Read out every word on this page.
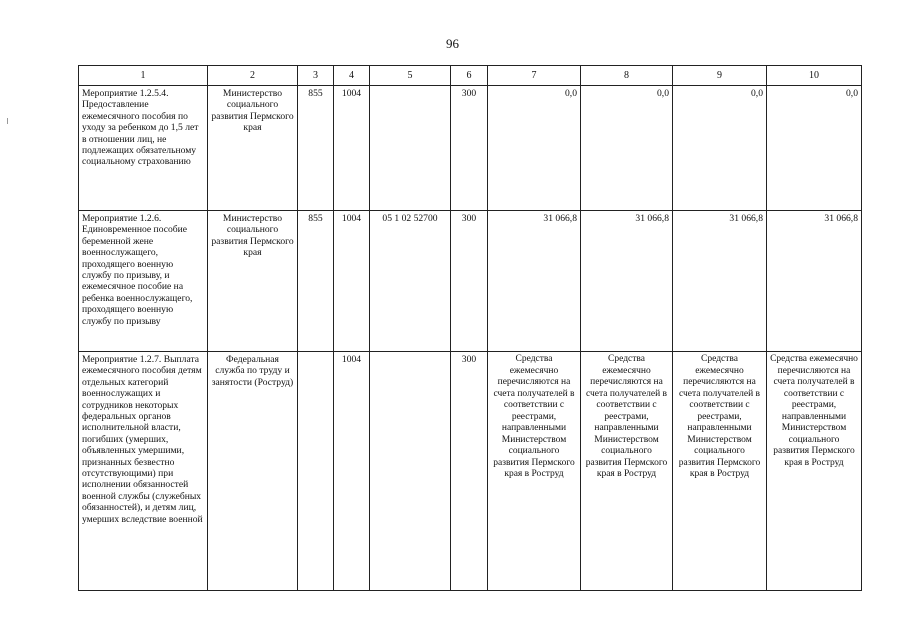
96
1	2	3	4	5	6	7	8	9	10
Мероприятие 1.2.5.4. Предоставление ежемесячного пособия по уходу за ребенком до 1,5 лет в отношении лиц, не подлежащих обязательному социальному страхованию	Министерство социального развития Пермского края	855	1004		300	0,0	0,0	0,0	0,0
Мероприятие 1.2.6. Единовременное пособие беременной жене военнослужащего, проходящего военную службу по призыву, и ежемесячное пособие на ребенка военнослужащего, проходящего военную службу по призыву	Министерство социального развития Пермского края	855	1004	05 1 02 52700	300	31 066,8	31 066,8	31 066,8	31 066,8
Мероприятие 1.2.7. Выплата ежемесячного пособия детям отдельных категорий военнослужащих и сотрудников некоторых федеральных органов исполнительной власти, погибших (умерших, объявленных умершими, признанных безвестно отсутствующими) при исполнении обязанностей военной службы (служебных обязанностей), и детям лиц, умерших вследствие военной	Федеральная служба по труду и занятости (Роструд)		1004		300	Средства ежемесячно перечисляются на счета получателей в соответствии с реестрами, направленными Министерством социального развития Пермского края в Роструд	Средства ежемесячно перечисляются на счета получателей в соответствии с реестрами, направленными Министерством социального развития Пермского края в Роструд	Средства ежемесячно перечисляются на счета получателей в соответствии с реестрами, направленными Министерством социального развития Пермского края в Роструд	Средства ежемесячно перечисляются на счета получателей в соответствии с реестрами, направленными Министерством социального развития Пермского края в Роструд
